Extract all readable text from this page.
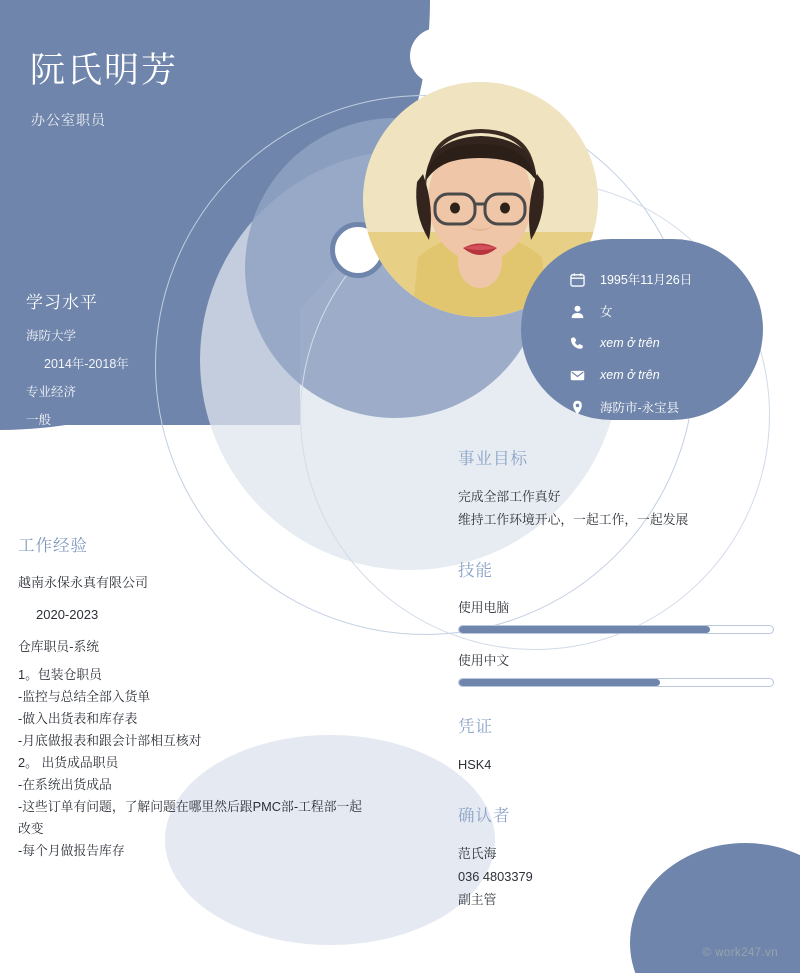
阮氏明芳
办公室职员
1995年11月26日
女
xem ở trên
xem ở trên
海防市-永宝县
学习水平
海防大学
2014年-2018年
专业经济
一般
事业目标
完成全部工作真好
维持工作环境开心，一起工作，一起发展
技能
使用电脑
使用中文
凭证
HSK4
确认者
范氏海
036 4803379
副主管
工作经验
越南永保永真有限公司
2020-2023
仓库职员-系统
1。包装仓职员
-监控与总结全部入货单
-做入出货表和库存表
-月底做报表和跟会计部相互核对
2。 出货成品职员
-在系统出货成品
-这些订单有问题，了解问题在哪里然后跟PMC部-工程部一起
改变
-每个月做报告库存
© work247.vn
